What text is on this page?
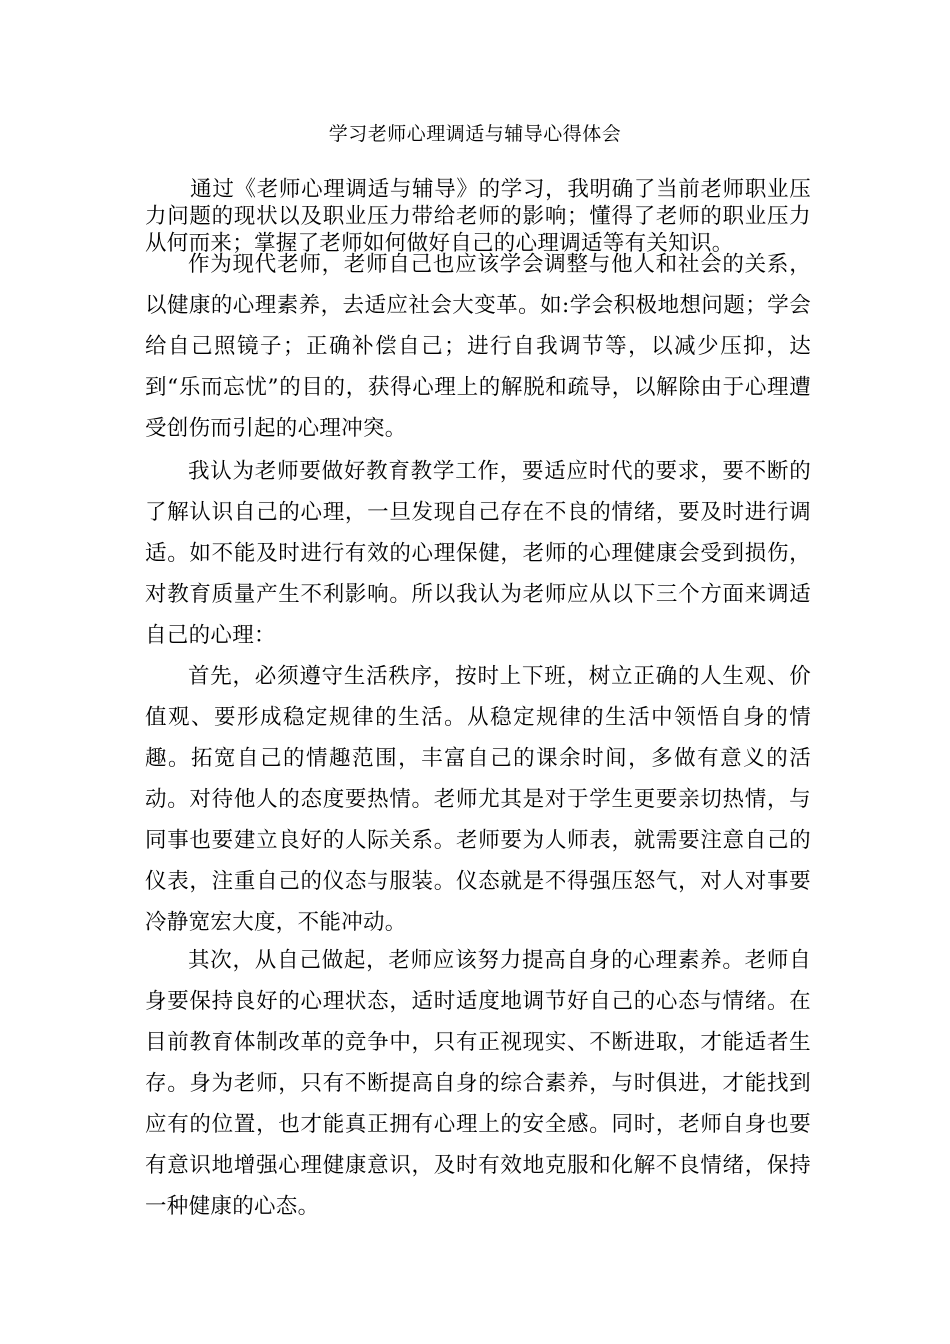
学习老师心理调适与辅导心得体会

通过《老师心理调适与辅导》的学习，我明确了当前老师职业压力问题的现状以及职业压力带给老师的影响；懂得了老师的职业压力从何而来；掌握了老师如何做好自己的心理调适等有关知识。

作为现代老师，老师自己也应该学会调整与他人和社会的关系，以健康的心理素养，去适应社会大变革。如:学会积极地想问题；学会给自己照镜子；正确补偿自己；进行自我调节等，以减少压抑，达到“乐而忘忧”的目的，获得心理上的解脱和疏导，以解除由于心理遭受创伤而引起的心理冲突。

我认为老师要做好教育教学工作，要适应时代的要求，要不断的了解认识自己的心理，一旦发现自己存在不良的情绪，要及时进行调适。如不能及时进行有效的心理保健，老师的心理健康会受到损伤，对教育质量产生不利影响。所以我认为老师应从以下三个方面来调适自己的心理：

首先，必须遵守生活秩序，按时上下班，树立正确的人生观、价值观、要形成稳定规律的生活。从稳定规律的生活中领悟自身的情趣。拓宽自己的情趣范围，丰富自己的课余时间，多做有意义的活动。对待他人的态度要热情。老师尤其是对于学生更要亲切热情，与同事也要建立良好的人际关系。老师要为人师表，就需要注意自己的仪表，注重自己的仪态与服装。仪态就是不得强压怒气，对人对事要冷静宽宏大度，不能冲动。

其次，从自己做起，老师应该努力提高自身的心理素养。老师自身要保持良好的心理状态，适时适度地调节好自己的心态与情绪。在目前教育体制改革的竞争中，只有正视现实、不断进取，才能适者生存。身为老师，只有不断提高自身的综合素养，与时俱进，才能找到应有的位置，也才能真正拥有心理上的安全感。同时，老师自身也要有意识地增强心理健康意识，及时有效地克服和化解不良情绪，保持一种健康的心态。
